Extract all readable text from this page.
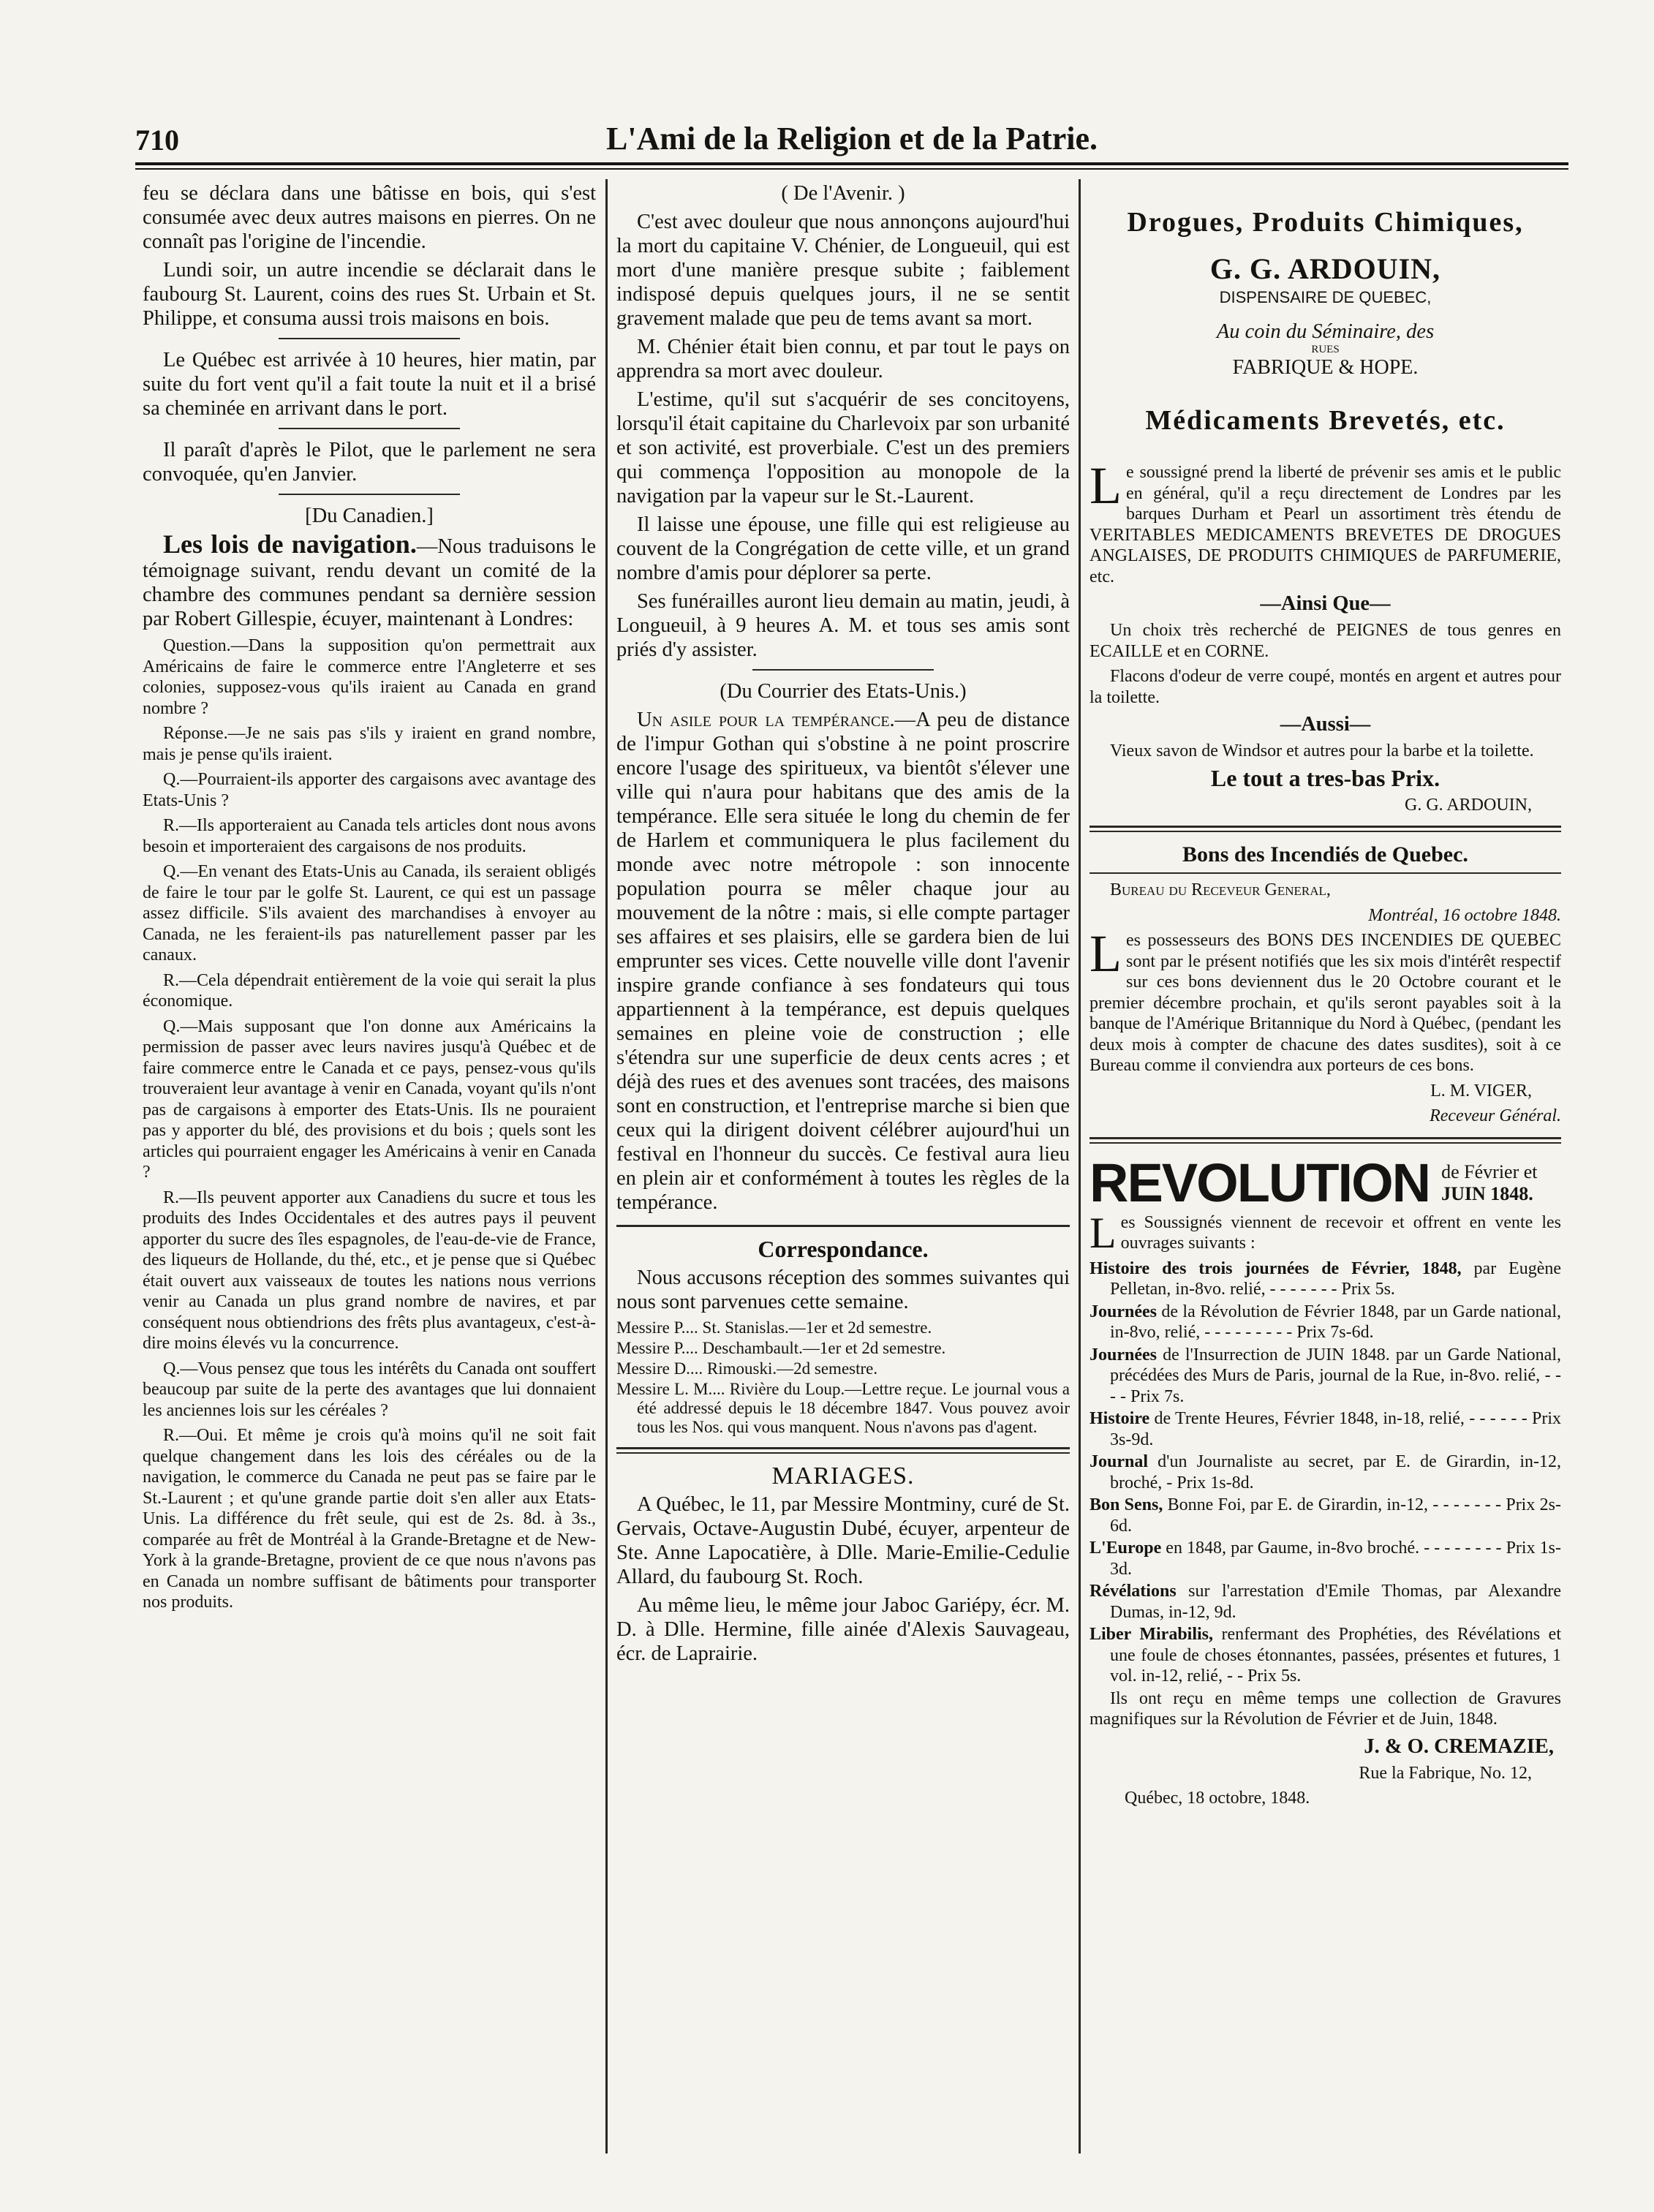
710	L'Ami de la Religion et de la Patrie.

feu se déclara dans une bâtisse en bois, qui s'est consumée avec deux autres maisons en pierres. On ne connaît pas l'origine de l'incendie.

Lundi soir, un autre incendie se déclarait dans le faubourg St. Laurent, coins des rues St. Urbain et St. Philippe, et consuma aussi trois maisons en bois.

Le Québec est arrivée à 10 heures, hier matin, par suite du fort vent qu'il a fait toute la nuit et il a brisé sa cheminée en arrivant dans le port.

Il paraît d'après le Pilot, que le parlement ne sera convoquée, qu'en Janvier.

[Du Canadien.]

Les lois de navigation.—Nous traduisons le témoignage suivant, rendu devant un comité de la chambre des communes pendant sa dernière session par Robert Gillespie, écuyer, maintenant à Londres:

Question.—Dans la supposition qu'on permettrait aux Américains de faire le commerce entre l'Angleterre et ses colonies, supposez-vous qu'ils iraient au Canada en grand nombre ?

Réponse.—Je ne sais pas s'ils y iraient en grand nombre, mais je pense qu'ils iraient.

Q.—Pourraient-ils apporter des cargaisons avec avantage des Etats-Unis ?

R.—Ils apporteraient au Canada tels articles dont nous avons besoin et importeraient des cargaisons de nos produits.

Q.—En venant des Etats-Unis au Canada, ils seraient obligés de faire le tour par le golfe St. Laurent, ce qui est un passage assez difficile. S'ils avaient des marchandises à envoyer au Canada, ne les feraient-ils pas naturellement passer par les canaux.

R.—Cela dépendrait entièrement de la voie qui serait la plus économique.

Q.—Mais supposant que l'on donne aux Américains la permission de passer avec leurs navires jusqu'à Québec et de faire commerce entre le Canada et ce pays, pensez-vous qu'ils trouveraient leur avantage à venir en Canada, voyant qu'ils n'ont pas de cargaisons à emporter des Etats-Unis. Ils ne pouraient pas y apporter du blé, des provisions et du bois ; quels sont les articles qui pourraient engager les Américains à venir en Canada ?

R.—Ils peuvent apporter aux Canadiens du sucre et tous les produits des Indes Occidentales et des autres pays il peuvent apporter du sucre des îles espagnoles, de l'eau-de-vie de France, des liqueurs de Hollande, du thé, etc., et je pense que si Québec était ouvert aux vaisseaux de toutes les nations nous verrions venir au Canada un plus grand nombre de navires, et par conséquent nous obtiendrions des frêts plus avantageux, c'est-à-dire moins élevés vu la concurrence.

Q.—Vous pensez que tous les intérêts du Canada ont souffert beaucoup par suite de la perte des avantages que lui donnaient les anciennes lois sur les céréales ?

R.—Oui. Et même je crois qu'à moins qu'il ne soit fait quelque changement dans les lois des céréales ou de la navigation, le commerce du Canada ne peut pas se faire par le St.-Laurent ; et qu'une grande partie doit s'en aller aux Etats-Unis. La différence du frêt seule, qui est de 2s. 8d. à 3s., comparée au frêt de Montréal à la Grande-Bretagne et de New-York à la grande-Bretagne, provient de ce que nous n'avons pas en Canada un nombre suffisant de bâtiments pour transporter nos produits.

( De l'Avenir. )

C'est avec douleur que nous annonçons aujourd'hui la mort du capitaine V. Chénier, de Longueuil, qui est mort d'une manière presque subite ; faiblement indisposé depuis quelques jours, il ne se sentit gravement malade que peu de tems avant sa mort.

M. Chénier était bien connu, et par tout le pays on apprendra sa mort avec douleur.

L'estime, qu'il sut s'acquérir de ses concitoyens, lorsqu'il était capitaine du Charlevoix par son urbanité et son activité, est proverbiale. C'est un des premiers qui commença l'opposition au monopole de la navigation par la vapeur sur le St.-Laurent.

Il laisse une épouse, une fille qui est religieuse au couvent de la Congrégation de cette ville, et un grand nombre d'amis pour déplorer sa perte.

Ses funérailles auront lieu demain au matin, jeudi, à Longueuil, à 9 heures A. M. et tous ses amis sont priés d'y assister.

(Du Courrier des Etats-Unis.)

Un asile pour la tempérance.—A peu de distance de l'impur Gothan qui s'obstine à ne point proscrire encore l'usage des spiritueux, va bientôt s'élever une ville qui n'aura pour habitans que des amis de la tempérance. Elle sera située le long du chemin de fer de Harlem et communiquera le plus facilement du monde avec notre métropole : son innocente population pourra se mêler chaque jour au mouvement de la nôtre : mais, si elle compte partager ses affaires et ses plaisirs, elle se gardera bien de lui emprunter ses vices. Cette nouvelle ville dont l'avenir inspire grande confiance à ses fondateurs qui tous appartiennent à la tempérance, est depuis quelques semaines en pleine voie de construction ; elle s'étendra sur une superficie de deux cents acres ; et déjà des rues et des avenues sont tracées, des maisons sont en construction, et l'entreprise marche si bien que ceux qui la dirigent doivent célébrer aujourd'hui un festival en l'honneur du succès. Ce festival aura lieu en plein air et conformément à toutes les règles de la tempérance.

Correspondance.

Nous accusons réception des sommes suivantes qui nous sont parvenues cette semaine.

Messire P.... St. Stanislas.—1er et 2d semestre.

Messire P.... Deschambault.—1er et 2d semestre.

Messire D.... Rimouski.—2d semestre.

Messire L. M.... Rivière du Loup.—Lettre reçue. Le journal vous a été addressé depuis le 18 décembre 1847. Vous pouvez avoir tous les Nos. qui vous manquent. Nous n'avons pas d'agent.

MARIAGES.

A Québec, le 11, par Messire Montminy, curé de St. Gervais, Octave-Augustin Dubé, écuyer, arpenteur de Ste. Anne Lapocatière, à Dlle. Marie-Emilie-Cedulie Allard, du faubourg St. Roch.

Au même lieu, le même jour Jaboc Gariépy, écr. M. D. à Dlle. Hermine, fille ainée d'Alexis Sauvageau, écr. de Laprairie.

Drogues, Produits Chimiques,
G. G. ARDOUIN,
DISPENSAIRE DE QUEBEC,
Au coin du Séminaire, des
RUES
FABRIQUE & HOPE.
Médicaments Brevetés, etc.

Le soussigné prend la liberté de prévenir ses amis et le public en général, qu'il a reçu directement de Londres par les barques Durham et Pearl un assortiment très étendu de VERITABLES MEDICAMENTS BREVETES DE DROGUES ANGLAISES, DE PRODUITS CHIMIQUES de PARFUMERIE, etc.

—Ainsi Que—

Un choix très recherché de PEIGNES de tous genres en ECAILLE et en CORNE.

Flacons d'odeur de verre coupé, montés en argent et autres pour la toilette.

—Aussi—

Vieux savon de Windsor et autres pour la barbe et la toilette.

Le tout a tres-bas Prix.

G. G. ARDOUIN,

Bons des Incendiés de Quebec.

Bureau du Receveur General,

Montréal, 16 octobre 1848.

Les possesseurs des BONS DES INCENDIES DE QUEBEC sont par le présent notifiés que les six mois d'intérêt respectif sur ces bons deviennent dus le 20 Octobre courant et le premier décembre prochain, et qu'ils seront payables soit à la banque de l'Amérique Britannique du Nord à Québec, (pendant les deux mois à compter de chacune des dates susdites), soit à ce Bureau comme il conviendra aux porteurs de ces bons.

L. M. VIGER,

Receveur Général.

REVOLUTION de Février et
JUIN 1848.

Les Soussignés viennent de recevoir et offrent en vente les ouvrages suivants :

Histoire des trois journées de Février, 1848, par Eugène Pelletan, in-8vo. relié, - - - - - - - Prix 5s.

Journées de la Révolution de Février 1848, par un Garde national, in-8vo, relié, - - - - - - - - - Prix 7s-6d.

Journées de l'Insurrection de JUIN 1848. par un Garde National, précédées des Murs de Paris, journal de la Rue, in-8vo. relié, - - - - Prix 7s.

Histoire de Trente Heures, Février 1848, in-18, relié, - - - - - - Prix 3s-9d.

Journal d'un Journaliste au secret, par E. de Girardin, in-12, broché, - Prix 1s-8d.

Bon Sens, Bonne Foi, par E. de Girardin, in-12, - - - - - - - Prix 2s-6d.

L'Europe en 1848, par Gaume, in-8vo broché. - - - - - - - - Prix 1s-3d.

Révélations sur l'arrestation d'Emile Thomas, par Alexandre Dumas, in-12, 9d.

Liber Mirabilis, renfermant des Prophéties, des Révélations et une foule de choses étonnantes, passées, présentes et futures, 1 vol. in-12, relié, - - Prix 5s.

Ils ont reçu en même temps une collection de Gravures magnifiques sur la Révolution de Février et de Juin, 1848.

J. & O. CREMAZIE,

Rue la Fabrique, No. 12,

Québec, 18 octobre, 1848.
